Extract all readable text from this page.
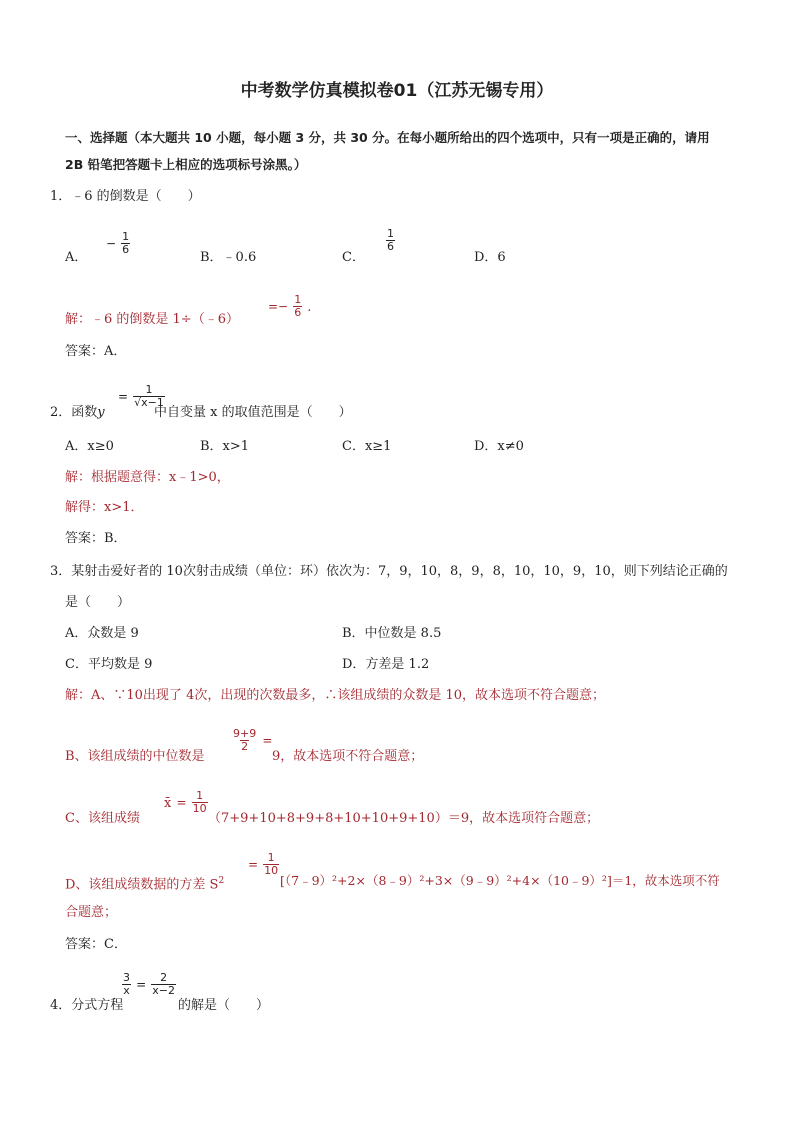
中考数学仿真模拟卷01（江苏无锡专用）
一、选择题（本大题共 10 小题，每小题 3 分，共 30 分。在每小题所给出的四个选项中，只有一项是正确的，请用
2B 铅笔把答题卡上相应的选项标号涂黑。）
1．﹣6 的倒数是（　　）
A．
− $\frac{1}{6}$
B．﹣0.6	C．
$\frac{1}{6}$
D．6
解：﹣6 的倒数是 1÷（﹣6）
=− $\frac{1}{6}$ .
答案：A．
2．函数y
= $\frac{1}{√x-1}$
中自变量 x 的取值范围是（　　）
A．x≥0	B．x>1	C．x≥1	D．x≠0
解：根据题意得：x﹣1>0，
解得：x>1．
答案：B．
3．某射击爱好者的 10次射击成绩（单位：环）依次为：7，9，10，8，9，8，10，10，9，10，则下列结论正确的
是（　　）
A．众数是 9	B．中位数是 8.5
C．平均数是 9	D．方差是 1.2
解：A、∵10出现了 4次，出现的次数最多，∴该组成绩的众数是 10，故本选项不符合题意；
B、该组成绩的中位数是
$\frac{9+9}{2}$ =
9，故本选项不符合题意；
C、该组成绩
x̄ = $\frac{1}{10}$
（7+9+10+8+9+8+10+10+9+10）＝9，故本选项符合题意；
D、该组成绩数据的方差 $S^2$
= $\frac{1}{10}$
[（7﹣9）²+2×（8﹣9）²+3×（9﹣9）²+4×（10﹣9）²]＝1，故本选项不符
合题意；
答案：C．
4．分式方程
$\frac{3}{x} = \frac{2}{x-2}$
的解是（　　）
